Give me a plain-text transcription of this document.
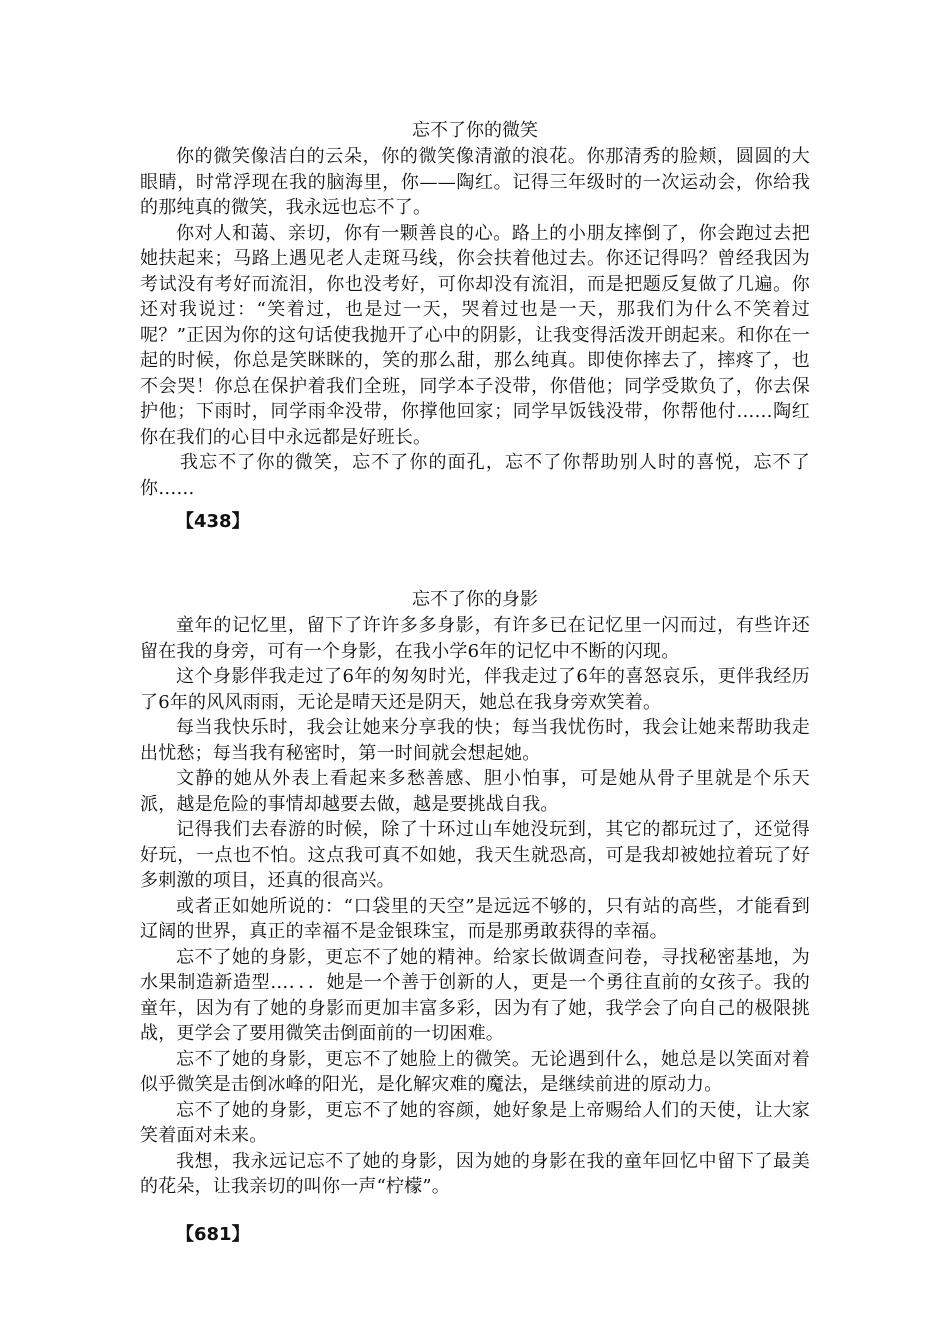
忘不了你的微笑

你的微笑像洁白的云朵，你的微笑像清澈的浪花。你那清秀的脸颊，圆圆的大眼睛，时常浮现在我的脑海里，你——陶红。记得三年级时的一次运动会，你给我的那纯真的微笑，我永远也忘不了。

你对人和蔼、亲切，你有一颗善良的心。路上的小朋友摔倒了，你会跑过去把她扶起来；马路上遇见老人走斑马线，你会扶着他过去。你还记得吗？曾经我因为考试没有考好而流泪，你也没考好，可你却没有流泪，而是把题反复做了几遍。你还对我说过：“笑着过，也是过一天，哭着过也是一天，那我们为什么不笑着过呢？”正因为你的这句话使我抛开了心中的阴影，让我变得活泼开朗起来。和你在一起的时候，你总是笑眯眯的，笑的那么甜，那么纯真。即使你摔去了，摔疼了，也不会哭！你总在保护着我们全班，同学本子没带，你借他；同学受欺负了，你去保护他；下雨时，同学雨伞没带，你撑他回家；同学早饭钱没带，你帮他付……陶红你在我们的心目中永远都是好班长。

我忘不了你的微笑，忘不了你的面孔，忘不了你帮助别人时的喜悦，忘不了你……

【438】
忘不了你的身影

童年的记忆里，留下了许许多多身影，有许多已在记忆里一闪而过，有些许还留在我的身旁，可有一个身影，在我小学6年的记忆中不断的闪现。

这个身影伴我走过了6年的匆匆时光，伴我走过了6年的喜怒哀乐，更伴我经历了6年的风风雨雨，无论是晴天还是阴天，她总在我身旁欢笑着。

每当我快乐时，我会让她来分享我的快；每当我忧伤时，我会让她来帮助我走出忧愁；每当我有秘密时，第一时间就会想起她。

文静的她从外表上看起来多愁善感、胆小怕事，可是她从骨子里就是个乐天派，越是危险的事情却越要去做，越是要挑战自我。

记得我们去春游的时候，除了十环过山车她没玩到，其它的都玩过了，还觉得好玩，一点也不怕。这点我可真不如她，我天生就恐高，可是我却被她拉着玩了好多刺激的项目，还真的很高兴。

或者正如她所说的：“口袋里的天空”是远远不够的，只有站的高些，才能看到辽阔的世界，真正的幸福不是金银珠宝，而是那勇敢获得的幸福。

忘不了她的身影，更忘不了她的精神。给家长做调查问卷，寻找秘密基地，为水果制造新造型…．．．她是一个善于创新的人，更是一个勇往直前的女孩子。我的童年，因为有了她的身影而更加丰富多彩，因为有了她，我学会了向自己的极限挑战，更学会了要用微笑击倒面前的一切困难。

忘不了她的身影，更忘不了她脸上的微笑。无论遇到什么，她总是以笑面对着似乎微笑是击倒冰峰的阳光，是化解灾难的魔法，是继续前进的原动力。

忘不了她的身影，更忘不了她的容颜，她好象是上帝赐给人们的天使，让大家笑着面对未来。

我想，我永远记忘不了她的身影，因为她的身影在我的童年回忆中留下了最美的花朵，让我亲切的叫你一声“柠檬”。

【681】
